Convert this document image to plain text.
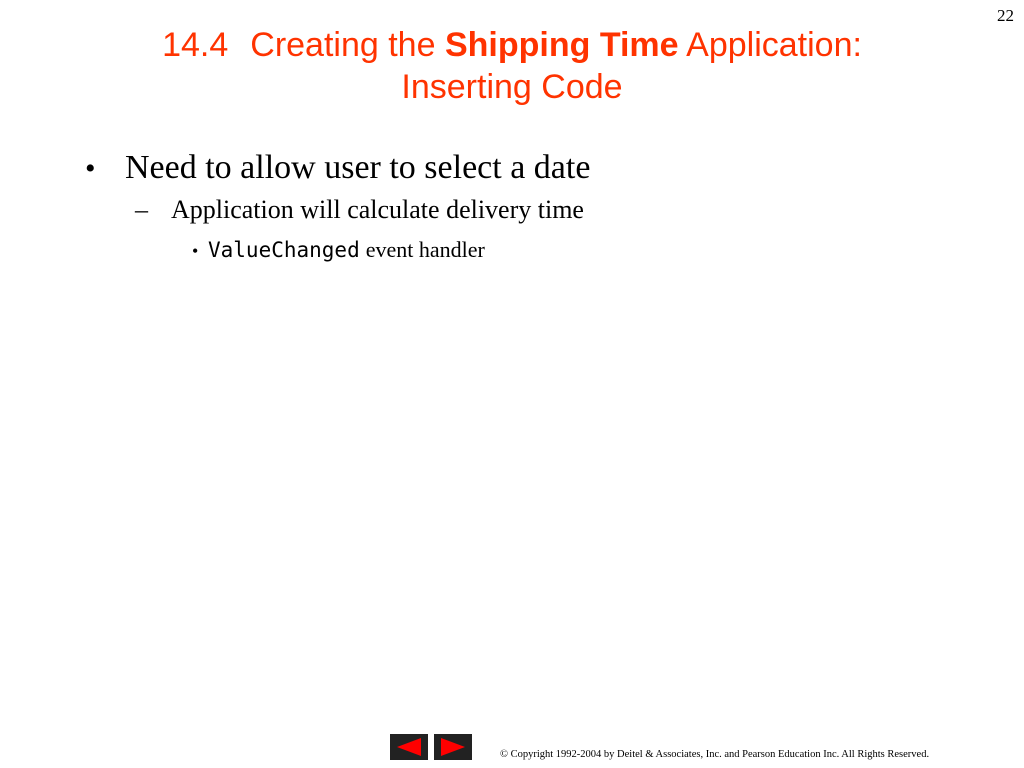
22
14.4 Creating the Shipping Time Application:
Inserting Code
• Need to allow user to select a date
– Application will calculate delivery time
• ValueChanged event handler
© Copyright 1992-2004 by Deitel & Associates, Inc. and Pearson Education Inc. All Rights Reserved.
